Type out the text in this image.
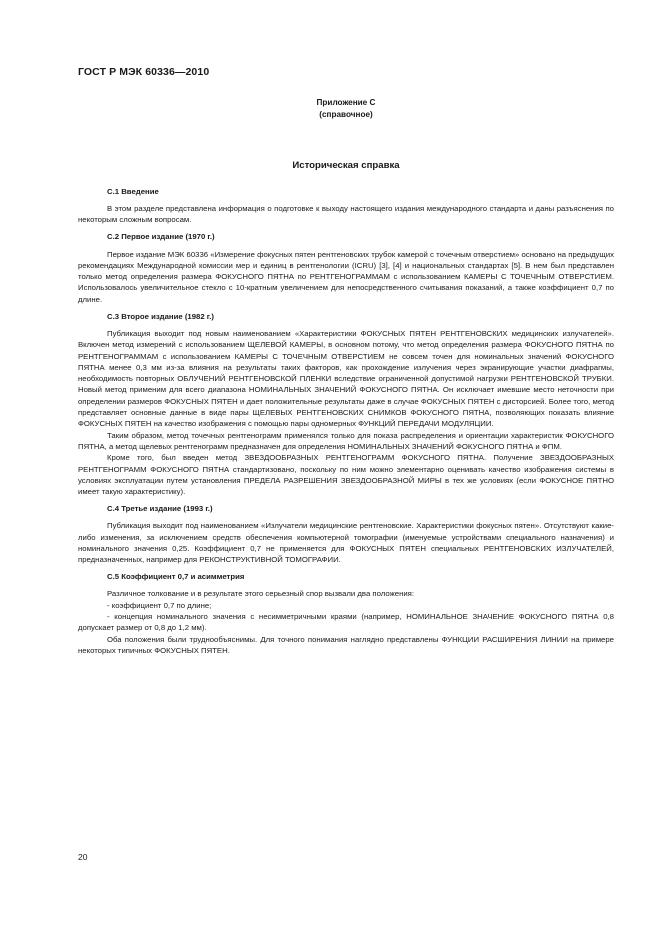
ГОСТ Р МЭК 60336—2010
Приложение С
(справочное)
Историческая справка
С.1 Введение

В этом разделе представлена информация о подготовке к выходу настоящего издания международного стандарта и даны разъяснения по некоторым сложным вопросам.

С.2 Первое издание (1970 г.)

Первое издание МЭК 60336 «Измерение фокусных пятен рентгеновских трубок камерой с точечным отверстием» основано на предыдущих рекомендациях Международной комиссии мер и единиц в рентгенологии (ICRU) [3], [4] и национальных стандартах [5]. В нем был представлен только метод определения размера ФОКУСНОГО ПЯТНА по РЕНТГЕНОГРАММАМ с использованием КАМЕРЫ С ТОЧЕЧНЫМ ОТВЕРСТИЕМ. Использовалось увеличительное стекло с 10-кратным увеличением для непосредственного считывания показаний, а также коэффициент 0,7 по длине.

С.3 Второе издание (1982 г.)

Публикация выходит под новым наименованием «Характеристики ФОКУСНЫХ ПЯТЕН РЕНТГЕНОВСКИХ медицинских излучателей». Включен метод измерений с использованием ЩЕЛЕВОЙ КАМЕРЫ, в основном потому, что метод определения размера ФОКУСНОГО ПЯТНА по РЕНТГЕНОГРАММАМ с использованием КАМЕРЫ С ТОЧЕЧНЫМ ОТВЕРСТИЕМ не совсем точен для номинальных значений ФОКУСНОГО ПЯТНА менее 0,3 мм из-за влияния на результаты таких факторов, как прохождение излучения через экранирующие участки диафрагмы, необходимость повторных ОБЛУЧЕНИЙ РЕНТГЕНОВСКОЙ ПЛЕНКИ вследствие ограниченной допустимой нагрузки РЕНТГЕНОВСКОЙ ТРУБКИ. Новый метод применим для всего диапазона НОМИНАЛЬНЫХ ЗНАЧЕНИЙ ФОКУСНОГО ПЯТНА. Он исключает имевшие место неточности при определении размеров ФОКУСНЫХ ПЯТЕН и дает положительные результаты даже в случае ФОКУСНЫХ ПЯТЕН с дисторсией. Более того, метод представляет основные данные в виде пары ЩЕЛЕВЫХ РЕНТГЕНОВСКИХ СНИМКОВ ФОКУСНОГО ПЯТНА, позволяющих показать влияние ФОКУСНЫХ ПЯТЕН на качество изображения с помощью пары одномерных ФУНКЦИЙ ПЕРЕДАЧИ МОДУЛЯЦИИ.

Таким образом, метод точечных рентгенограмм применялся только для показа распределения и ориентации характеристик ФОКУСНОГО ПЯТНА, а метод щелевых рентгенограмм предназначен для определения НОМИНАЛЬНЫХ ЗНАЧЕНИЙ ФОКУСНОГО ПЯТНА и ФПМ.

Кроме того, был введен метод ЗВЕЗДООБРАЗНЫХ РЕНТГЕНОГРАММ ФОКУСНОГО ПЯТНА. Получение ЗВЕЗДООБРАЗНЫХ РЕНТГЕНОГРАММ ФОКУСНОГО ПЯТНА стандартизовано, поскольку по ним можно элементарно оценивать качество изображения системы в условиях эксплуатации путем установления ПРЕДЕЛА РАЗРЕШЕНИЯ ЗВЕЗДООБРАЗНОЙ МИРЫ в тех же условиях (если ФОКУСНОЕ ПЯТНО имеет такую характеристику).

С.4 Третье издание (1993 г.)

Публикация выходит под наименованием «Излучатели медицинские рентгеновские. Характеристики фокусных пятен». Отсутствуют какие-либо изменения, за исключением средств обеспечения компьютерной томографии (именуемые устройствами специального назначения) и номинального значения 0,25. Коэффициент 0,7 не применяется для ФОКУСНЫХ ПЯТЕН специальных РЕНТГЕНОВСКИХ ИЗЛУЧАТЕЛЕЙ, предназначенных, например для РЕКОНСТРУКТИВНОЙ ТОМОГРАФИИ.

С.5 Коэффициент 0,7 и асимметрия

Различное толкование и в результате этого серьезный спор вызвали два положения:

- коэффициент 0,7 по длине;

- концепция номинального значения с несимметричными краями (например, НОМИНАЛЬНОЕ ЗНАЧЕНИЕ ФОКУСНОГО ПЯТНА 0,8 допускает размер от 0,8 до 1,2 мм).

Оба положения были труднообъяснимы. Для точного понимания наглядно представлены ФУНКЦИИ РАСШИРЕНИЯ ЛИНИИ на примере некоторых типичных ФОКУСНЫХ ПЯТЕН.

20
